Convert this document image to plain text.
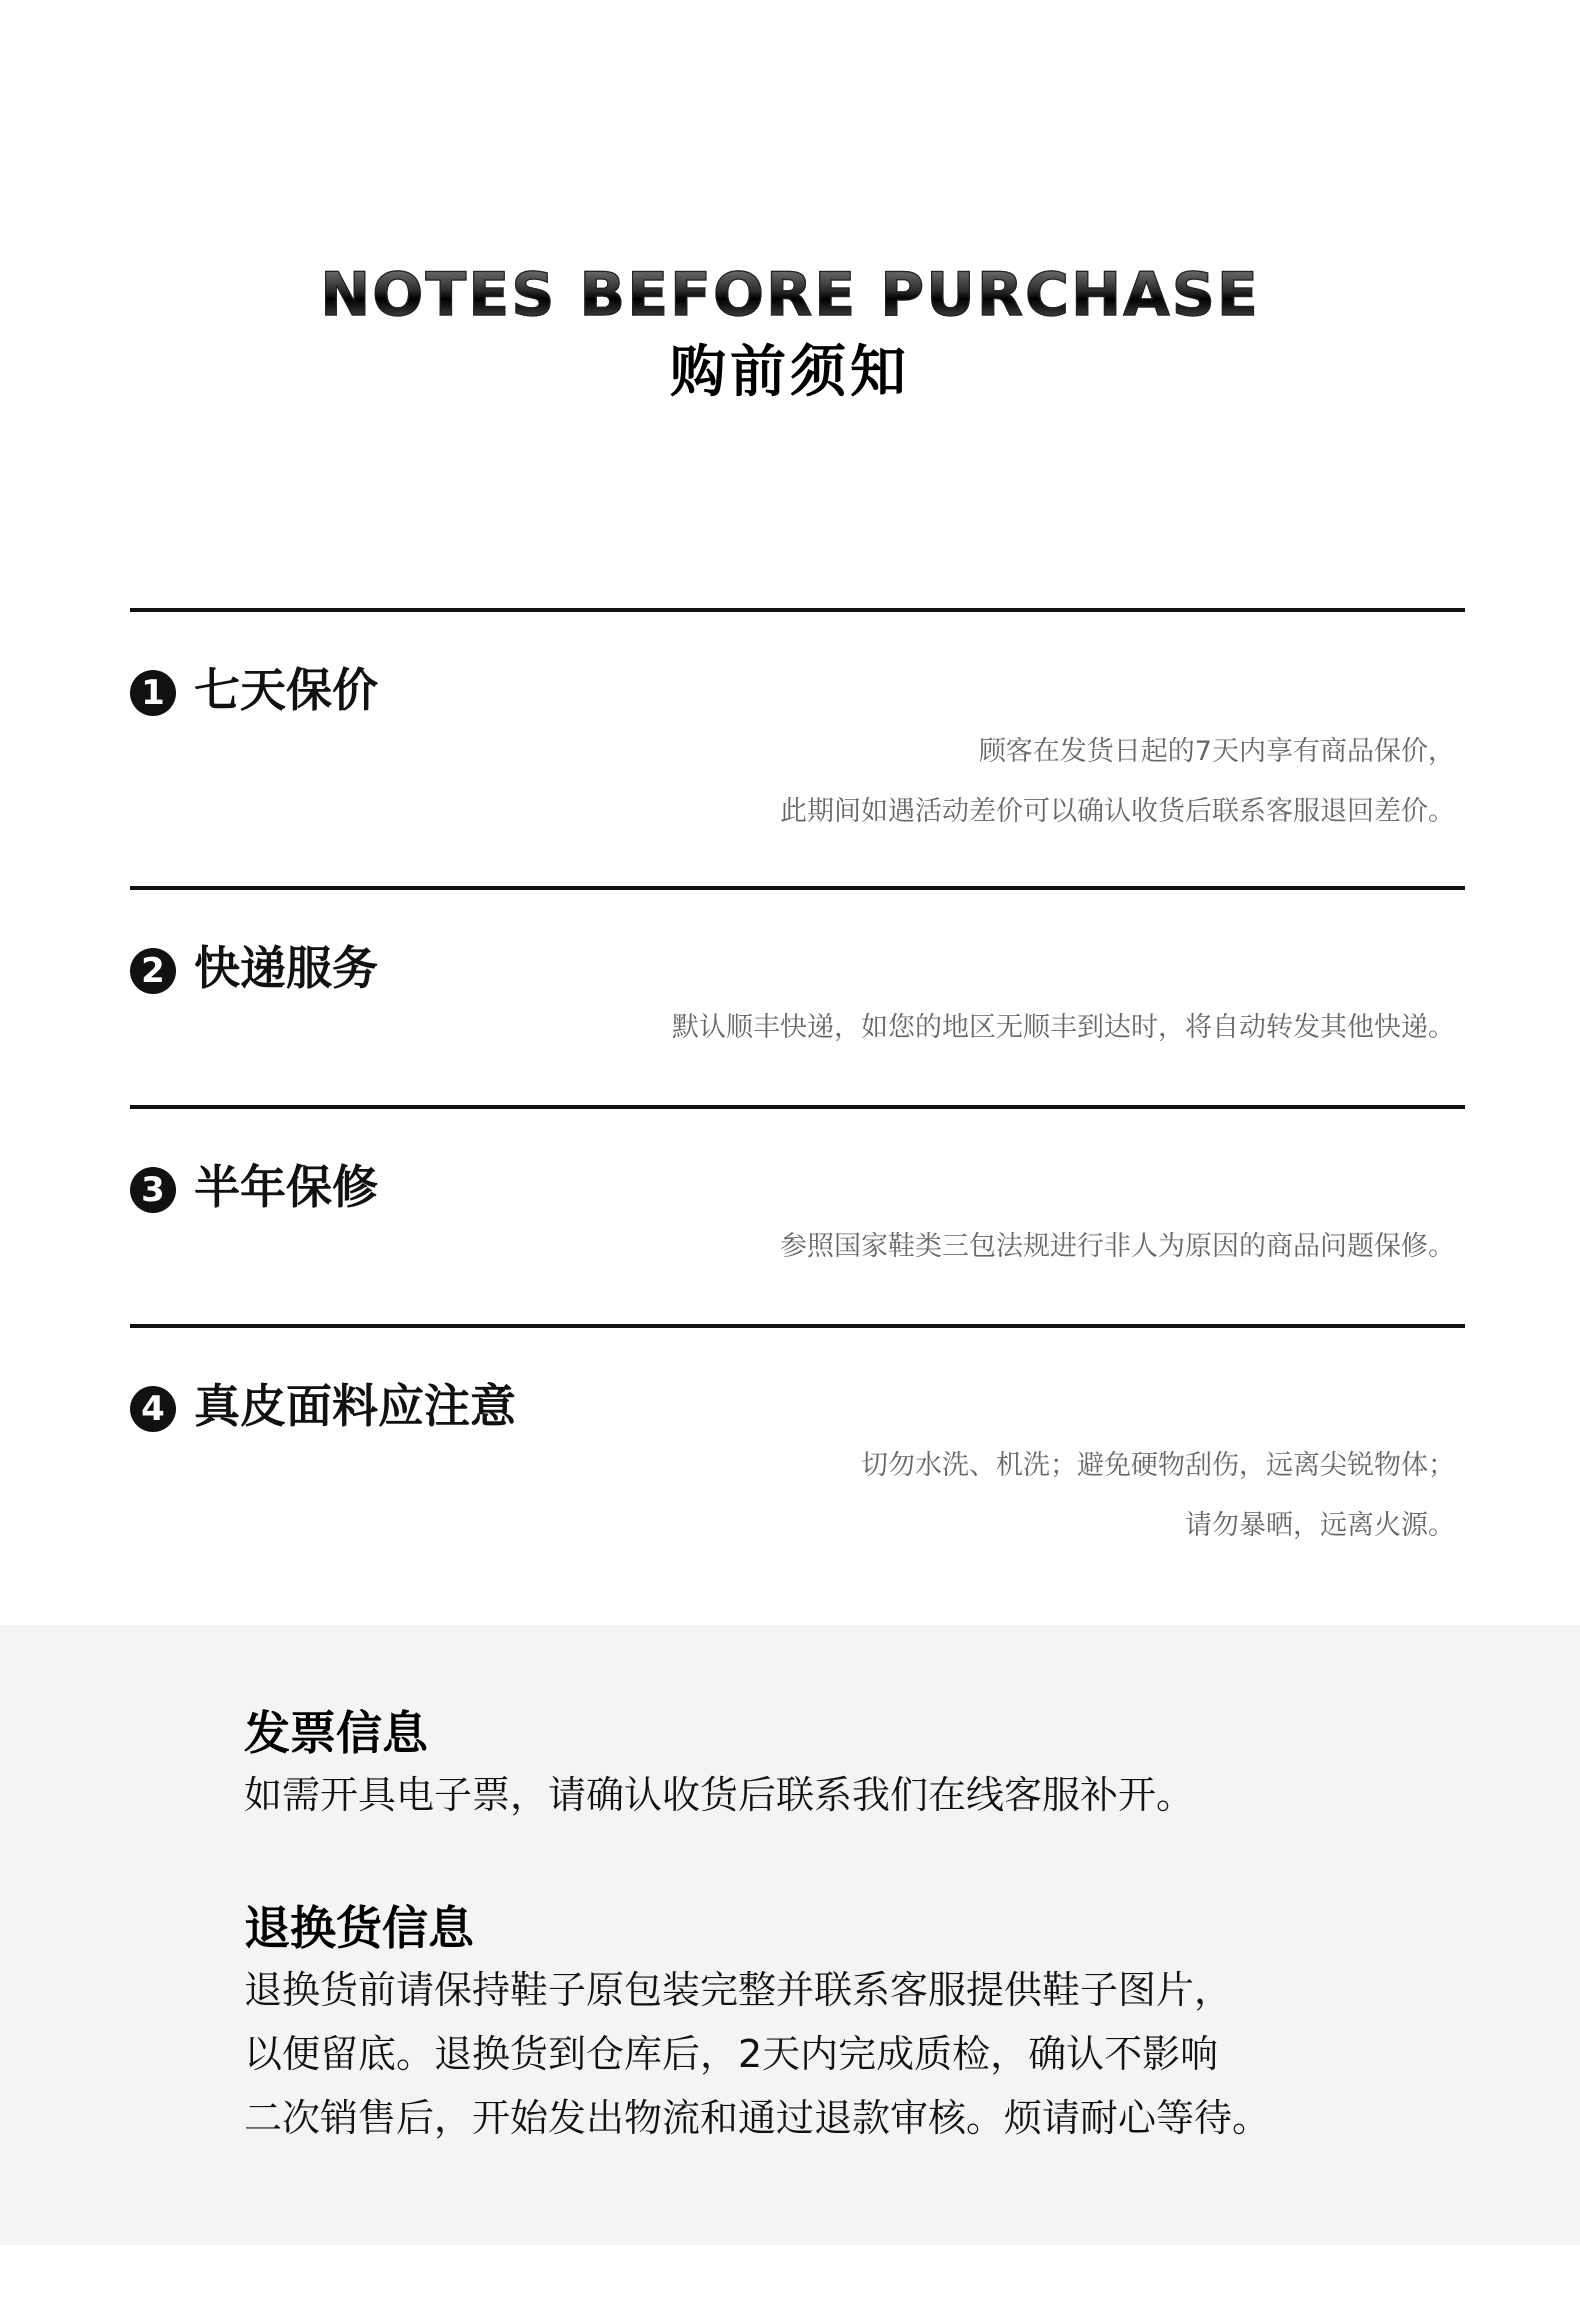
NOTES BEFORE PURCHASE
购前须知
1 七天保价
顾客在发货日起的7天内享有商品保价，
此期间如遇活动差价可以确认收货后联系客服退回差价。
2 快递服务
默认顺丰快递，如您的地区无顺丰到达时，将自动转发其他快递。
3 半年保修
参照国家鞋类三包法规进行非人为原因的商品问题保修。
4 真皮面料应注意
切勿水洗、机洗；避免硬物刮伤，远离尖锐物体；
请勿暴晒，远离火源。

发票信息

如需开具电子票，请确认收货后联系我们在线客服补开。

退换货信息

退换货前请保持鞋子原包装完整并联系客服提供鞋子图片，
以便留底。退换货到仓库后，2天内完成质检，确认不影响
二次销售后，开始发出物流和通过退款审核。烦请耐心等待。
